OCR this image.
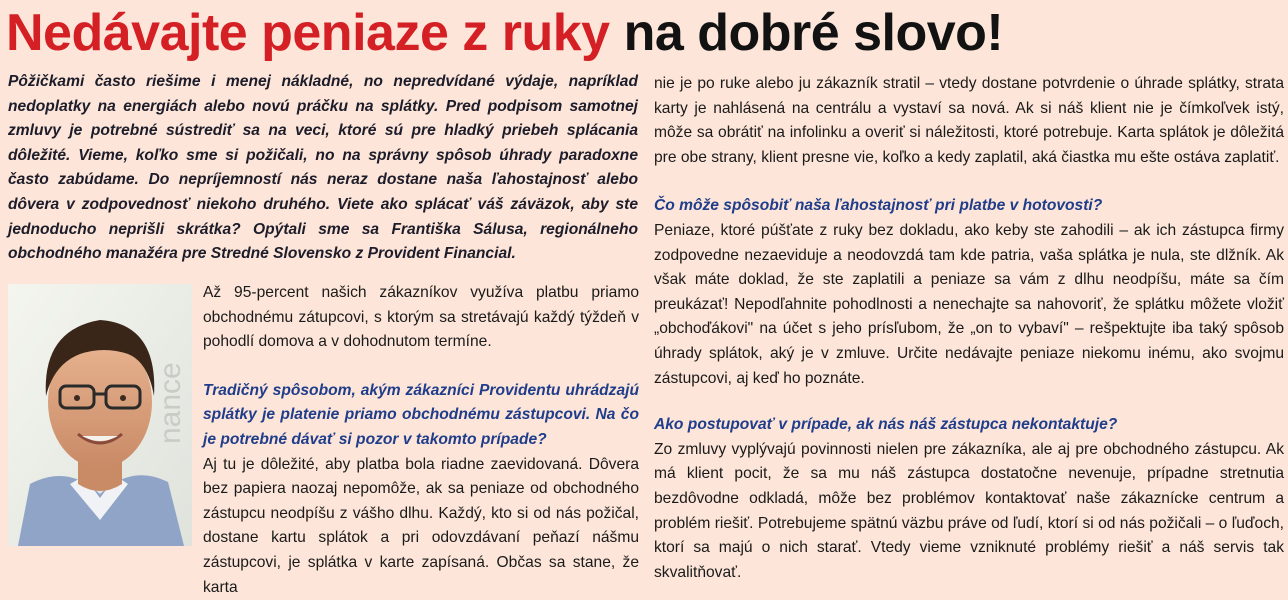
Nedávajte peniaze z ruky na dobré slovo!

Pôžičkami často riešime i menej nákladné, no nepredvídané výdaje, napríklad nedoplatky na energiách alebo novú práčku na splátky. Pred podpisom samotnej zmluvy je potrebné sústrediť sa na veci, ktoré sú pre hladký priebeh splácania dôležité. Vieme, koľko sme si požičali, no na správny spôsob úhrady paradoxne často zabúdame. Do nepríjemností nás neraz dostane naša ľahostajnosť alebo dôvera v zodpovednosť niekoho druhého. Viete ako splácať váš záväzok, aby ste jednoducho neprišli skrátka? Opýtali sme sa Františka Sálusa, regionálneho obchodného manažéra pre Stredné Slovensko z Provident Financial.

nance

Až 95-percent našich zákazníkov využíva platbu priamo obchodnému zátupcovi, s ktorým sa stretávajú každý týždeň v pohodlí domova a v dohodnutom termíne.

Tradičný spôsobom, akým zákazníci Providentu uhrádzajú splátky je platenie priamo obchodnému zástupcovi. Na čo je potrebné dávať si pozor v takomto prípade?

Aj tu je dôležité, aby platba bola riadne zaevidovaná. Dôvera bez papiera naozaj nepomôže, ak sa peniaze od obchodného zástupcu neodpíšu z vášho dlhu. Každý, kto si od nás požičal, dostane kartu splátok a pri odovzdávaní peňazí nášmu zástupcovi, je splátka v karte zapísaná. Občas sa stane, že karta

nie je po ruke alebo ju zákazník stratil – vtedy dostane potvrdenie o úhrade splátky, strata karty je nahlásená na centrálu a vystaví sa nová. Ak si náš klient nie je čímkoľvek istý, môže sa obrátiť na infolinku a overiť si náležitosti, ktoré potrebuje. Karta splátok je dôležitá pre obe strany, klient presne vie, koľko a kedy zaplatil, aká čiastka mu ešte ostáva zaplatiť.

Čo môže spôsobiť naša ľahostajnosť pri platbe v hotovosti?

Peniaze, ktoré púšťate z ruky bez dokladu, ako keby ste zahodili – ak ich zástupca firmy zodpovedne nezaeviduje a neodovzdá tam kde patria, vaša splátka je nula, ste dlžník. Ak však máte doklad, že ste zaplatili a peniaze sa vám z dlhu neodpíšu, máte sa čím preukázať! Nepodľahnite pohodlnosti a nenechajte sa nahovoriť, že splátku môžete vložiť „obchoďákovi" na účet s jeho prísľubom, že „on to vybaví" – rešpektujte iba taký spôsob úhrady splátok, aký je v zmluve. Určite nedávajte peniaze niekomu inému, ako svojmu zástupcovi, aj keď ho poznáte.

Ako postupovať v prípade, ak nás náš zástupca nekontaktuje?

Zo zmluvy vyplývajú povinnosti nielen pre zákazníka, ale aj pre obchodného zástupcu. Ak má klient pocit, že sa mu náš zástupca dostatočne nevenuje, prípadne stretnutia bezdôvodne odkladá, môže bez problémov kontaktovať naše zákaznícke centrum a problém riešiť. Potrebujeme spätnú väzbu práve od ľudí, ktorí si od nás požičali – o ľuďoch, ktorí sa majú o nich starať. Vtedy vieme vzniknuté problémy riešiť a náš servis tak skvalitňovať.
